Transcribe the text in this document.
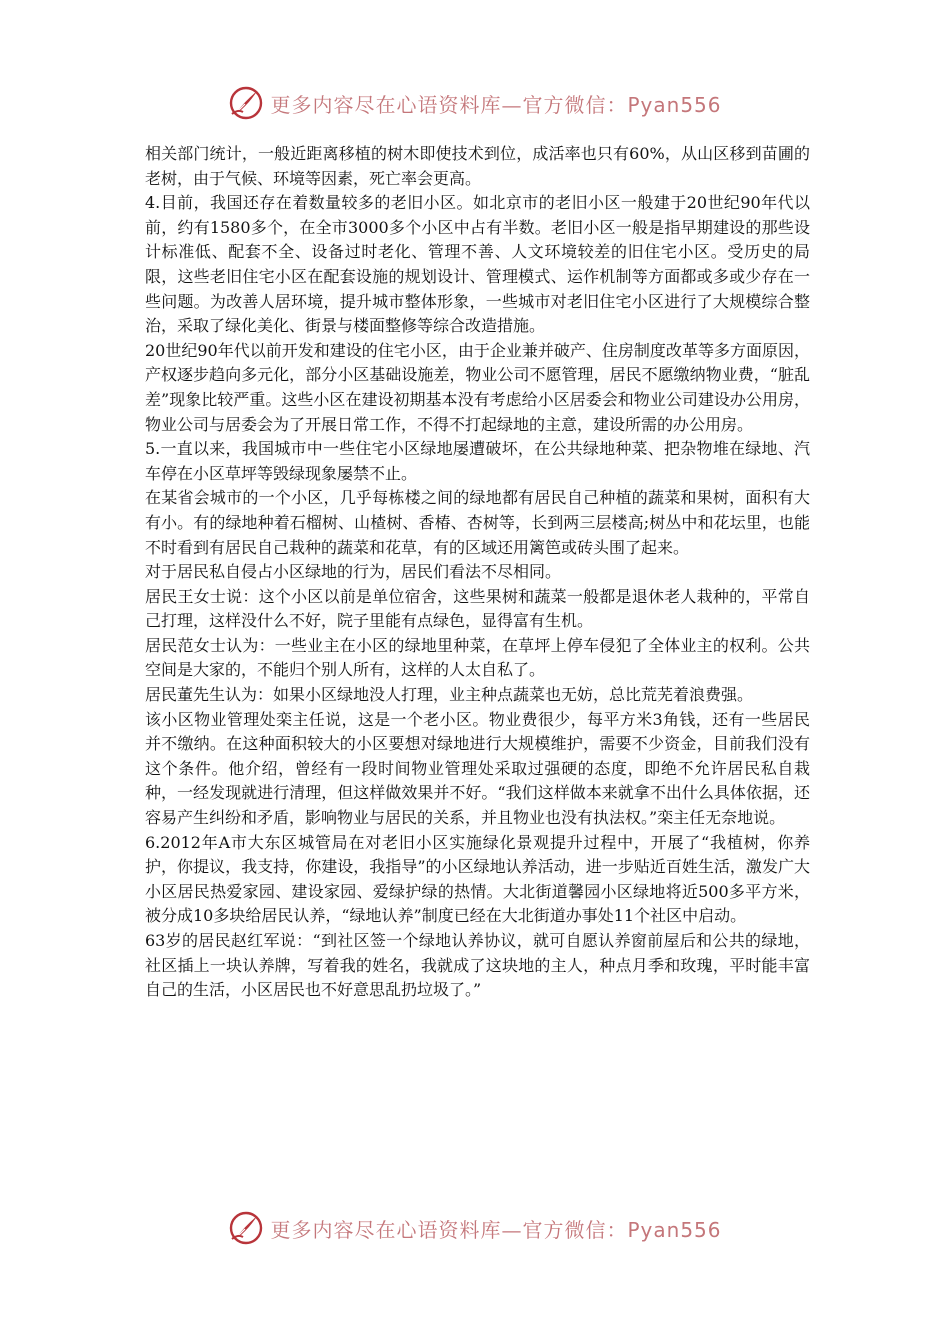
更多内容尽在心语资料库—官方微信：Pyan556

相关部门统计，一般近距离移植的树木即使技术到位，成活率也只有60%，从山区移到苗圃的老树，由于气候、环境等因素，死亡率会更高。

4.目前，我国还存在着数量较多的老旧小区。如北京市的老旧小区一般建于20世纪90年代以前，约有1580多个，在全市3000多个小区中占有半数。老旧小区一般是指早期建设的那些设计标准低、配套不全、设备过时老化、管理不善、人文环境较差的旧住宅小区。受历史的局限，这些老旧住宅小区在配套设施的规划设计、管理模式、运作机制等方面都或多或少存在一些问题。为改善人居环境，提升城市整体形象，一些城市对老旧住宅小区进行了大规模综合整治，采取了绿化美化、街景与楼面整修等综合改造措施。

20世纪90年代以前开发和建设的住宅小区，由于企业兼并破产、住房制度改革等多方面原因，产权逐步趋向多元化，部分小区基础设施差，物业公司不愿管理，居民不愿缴纳物业费，“脏乱差”现象比较严重。这些小区在建设初期基本没有考虑给小区居委会和物业公司建设办公用房，物业公司与居委会为了开展日常工作，不得不打起绿地的主意，建设所需的办公用房。

5.一直以来，我国城市中一些住宅小区绿地屡遭破坏，在公共绿地种菜、把杂物堆在绿地、汽车停在小区草坪等毁绿现象屡禁不止。

在某省会城市的一个小区，几乎每栋楼之间的绿地都有居民自己种植的蔬菜和果树，面积有大有小。有的绿地种着石榴树、山楂树、香椿、杏树等，长到两三层楼高;树丛中和花坛里，也能不时看到有居民自己栽种的蔬菜和花草，有的区域还用篱笆或砖头围了起来。

对于居民私自侵占小区绿地的行为，居民们看法不尽相同。

居民王女士说：这个小区以前是单位宿舍，这些果树和蔬菜一般都是退休老人栽种的，平常自己打理，这样没什么不好，院子里能有点绿色，显得富有生机。

居民范女士认为：一些业主在小区的绿地里种菜，在草坪上停车侵犯了全体业主的权利。公共空间是大家的，不能归个别人所有，这样的人太自私了。

居民董先生认为：如果小区绿地没人打理，业主种点蔬菜也无妨，总比荒芜着浪费强。

该小区物业管理处栾主任说，这是一个老小区。物业费很少，每平方米3角钱，还有一些居民并不缴纳。在这种面积较大的小区要想对绿地进行大规模维护，需要不少资金，目前我们没有这个条件。他介绍，曾经有一段时间物业管理处采取过强硬的态度，即绝不允许居民私自栽种，一经发现就进行清理，但这样做效果并不好。“我们这样做本来就拿不出什么具体依据，还容易产生纠纷和矛盾，影响物业与居民的关系，并且物业也没有执法权。”栾主任无奈地说。

6.2012年A市大东区城管局在对老旧小区实施绿化景观提升过程中，开展了“我植树，你养护，你提议，我支持，你建设，我指导”的小区绿地认养活动，进一步贴近百姓生活，激发广大小区居民热爱家园、建设家园、爱绿护绿的热情。大北街道馨园小区绿地将近500多平方米，被分成10多块给居民认养，“绿地认养”制度已经在大北街道办事处11个社区中启动。

63岁的居民赵红军说：“到社区签一个绿地认养协议，就可自愿认养窗前屋后和公共的绿地，社区插上一块认养牌，写着我的姓名，我就成了这块地的主人，种点月季和玫瑰，平时能丰富自己的生活，小区居民也不好意思乱扔垃圾了。”

更多内容尽在心语资料库—官方微信：Pyan556
